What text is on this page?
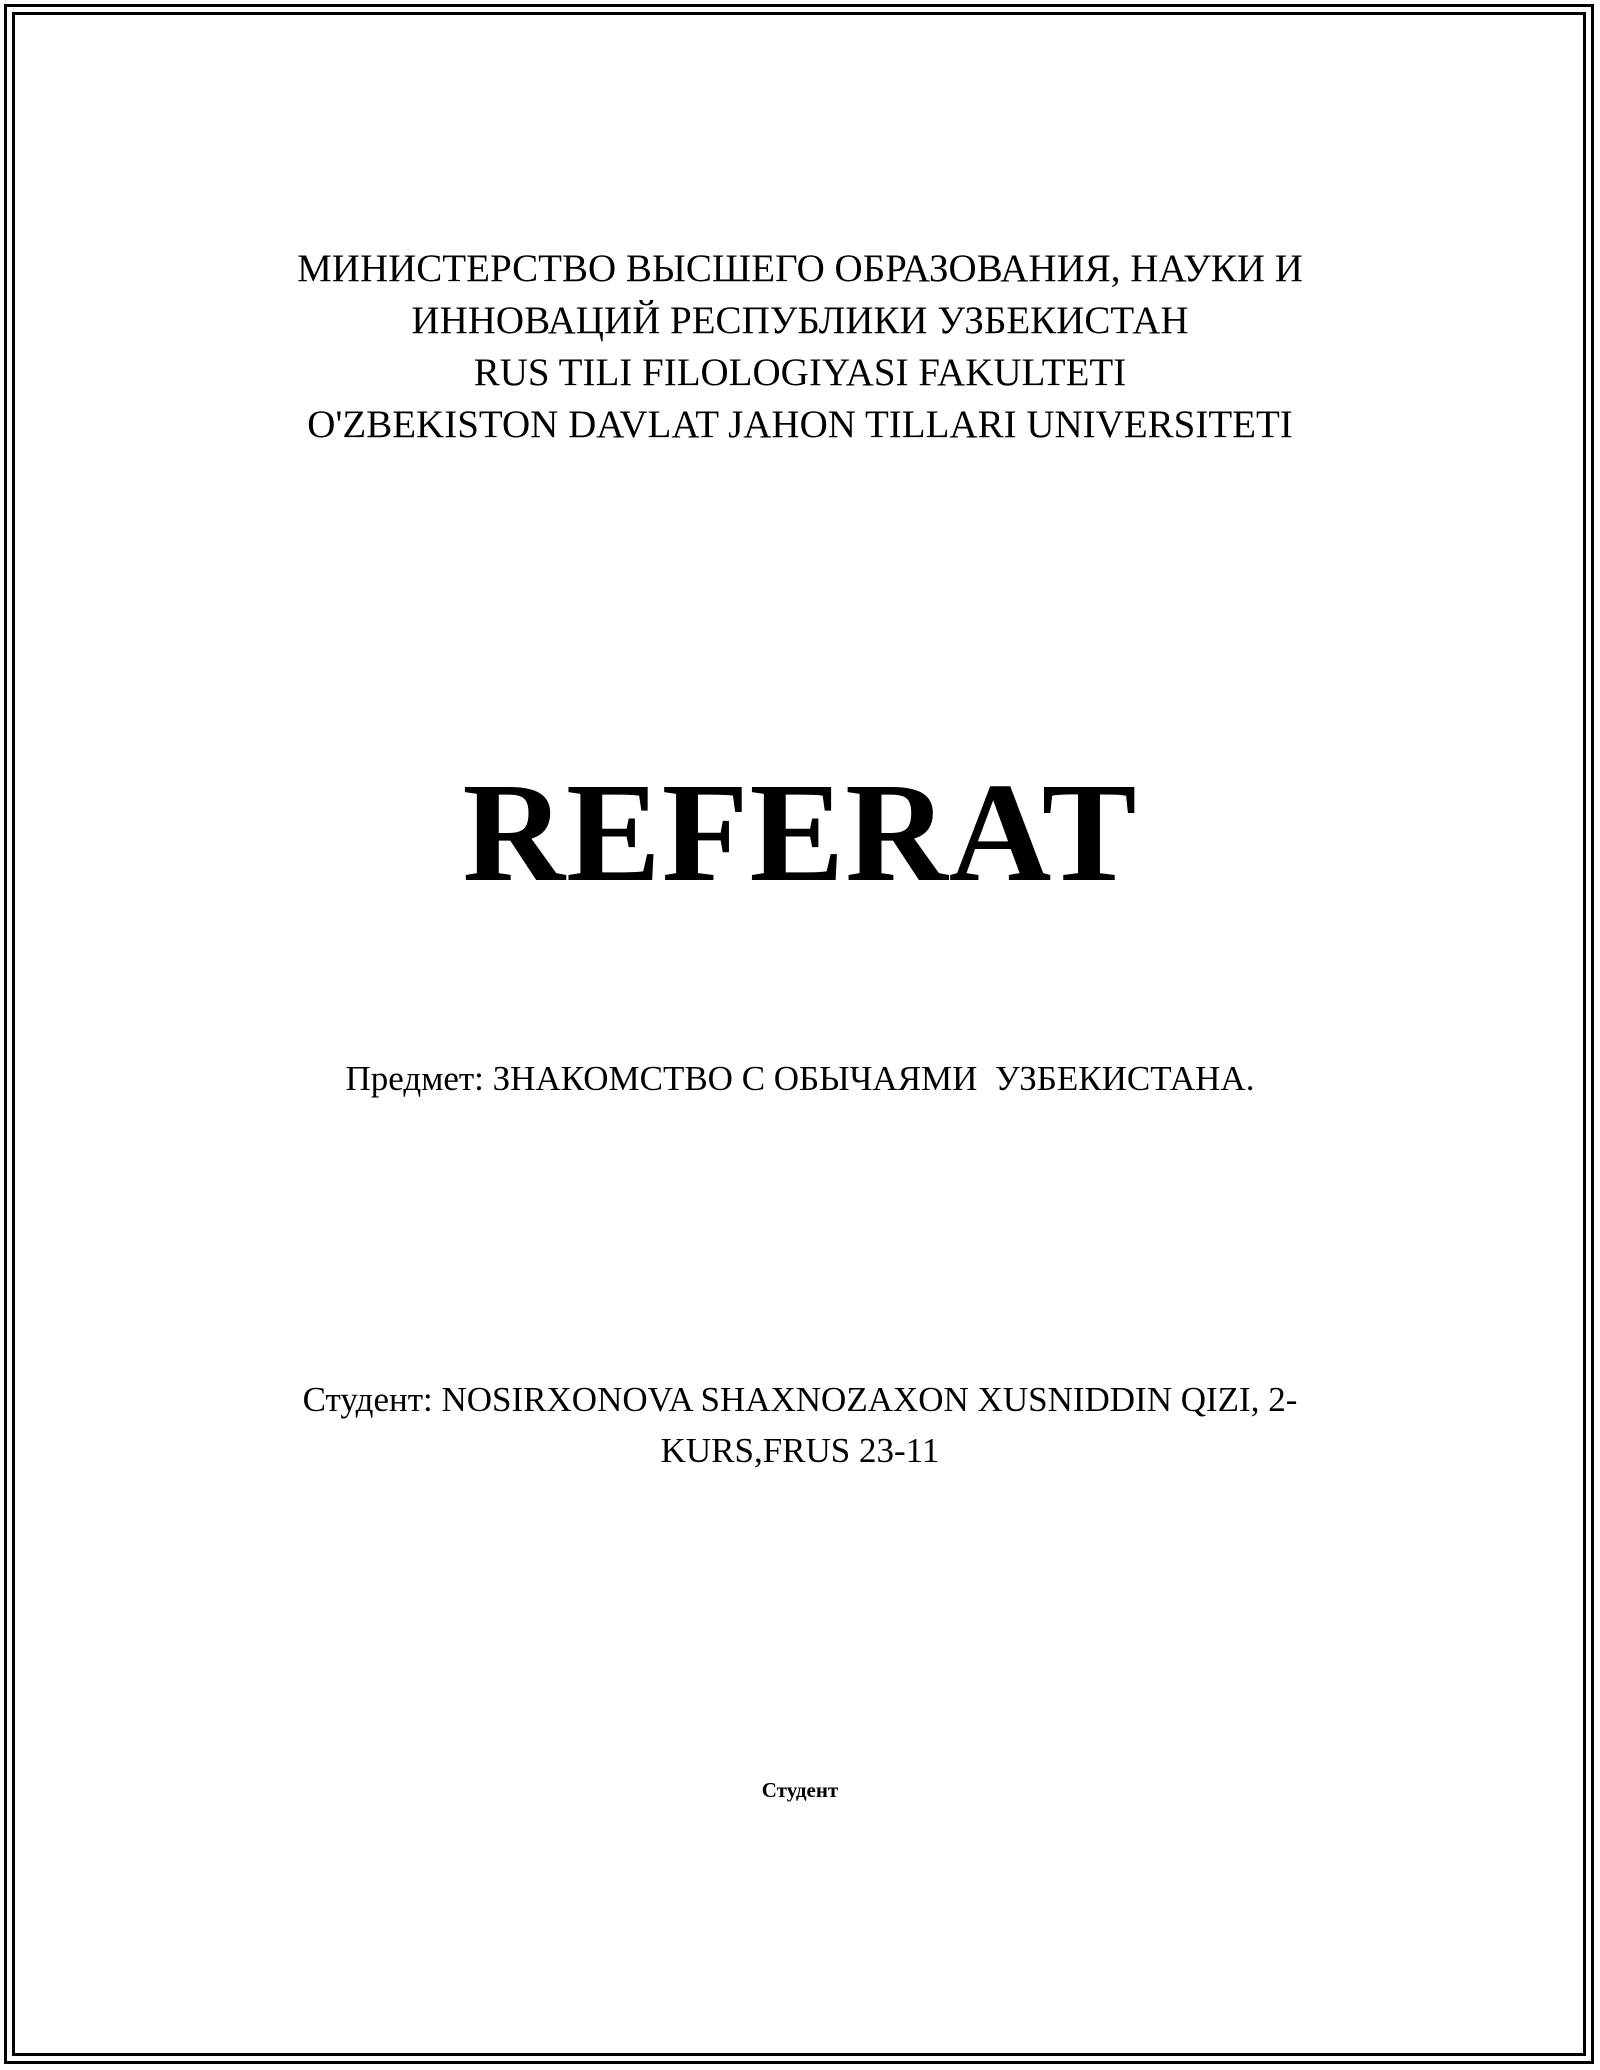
МИНИСТЕРСТВО ВЫСШЕГО ОБРАЗОВАНИЯ, НАУКИ И
ИННОВАЦИЙ РЕСПУБЛИКИ УЗБЕКИСТАН
RUS TILI FILOLOGIYASI FAKULTETI
O'ZBEKISTON DAVLAT JAHON TILLARI UNIVERSITETI
REFERAT
Предмет: ЗНАКОМСТВО С ОБЫЧАЯМИ  УЗБЕКИСТАНА.
Студент: NOSIRXONOVA SHAXNOZAXON XUSNIDDIN QIZI, 2-
KURS,FRUS 23-11
Студент
